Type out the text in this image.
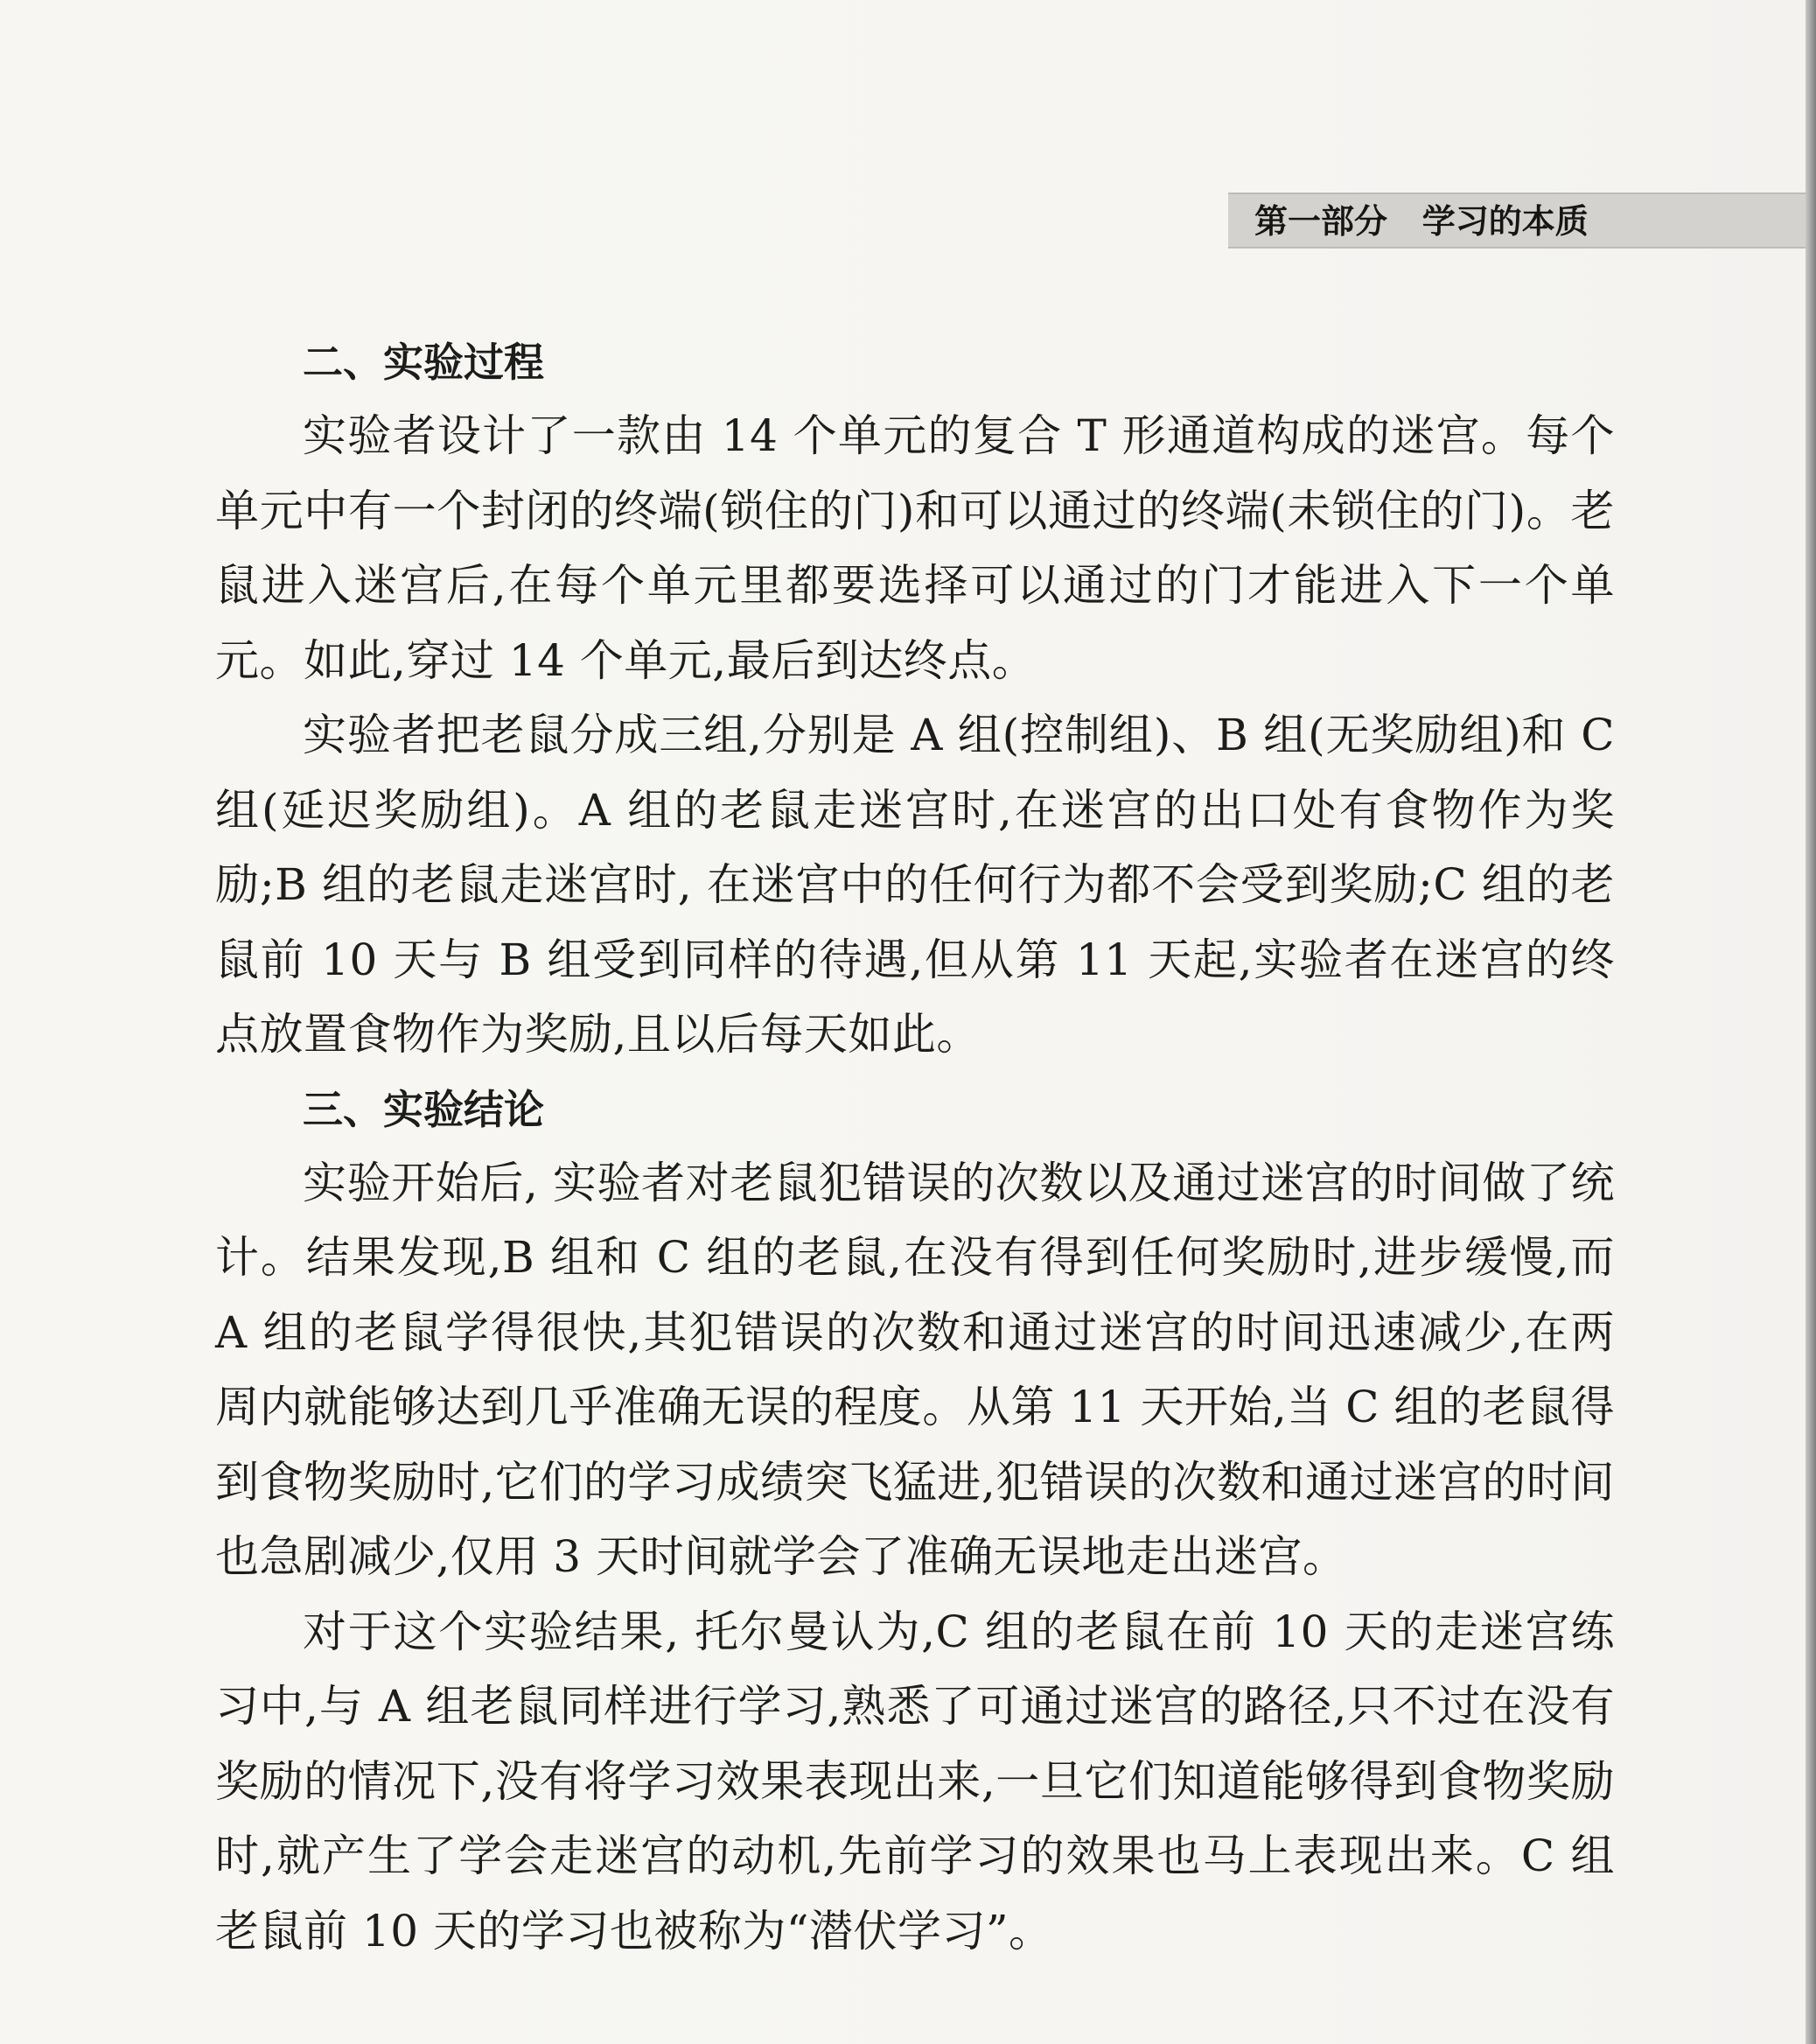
第一部分 学习的本质
二、实验过程

实验者设计了一款由 14 个单元的复合 T 形通道构成的迷宫。每个单元中有一个封闭的终端(锁住的门)和可以通过的终端(未锁住的门)。老鼠进入迷宫后,在每个单元里都要选择可以通过的门才能进入下一个单元。如此,穿过 14 个单元,最后到达终点。

实验者把老鼠分成三组,分别是 A 组(控制组)、B 组(无奖励组)和 C 组(延迟奖励组)。A 组的老鼠走迷宫时,在迷宫的出口处有食物作为奖励;B 组的老鼠走迷宫时, 在迷宫中的任何行为都不会受到奖励;C 组的老鼠前 10 天与 B 组受到同样的待遇,但从第 11 天起,实验者在迷宫的终点放置食物作为奖励,且以后每天如此。

三、实验结论

实验开始后, 实验者对老鼠犯错误的次数以及通过迷宫的时间做了统计。结果发现,B 组和 C 组的老鼠,在没有得到任何奖励时,进步缓慢,而 A 组的老鼠学得很快,其犯错误的次数和通过迷宫的时间迅速减少,在两周内就能够达到几乎准确无误的程度。从第 11 天开始,当 C 组的老鼠得到食物奖励时,它们的学习成绩突飞猛进,犯错误的次数和通过迷宫的时间也急剧减少,仅用 3 天时间就学会了准确无误地走出迷宫。

对于这个实验结果, 托尔曼认为,C 组的老鼠在前 10 天的走迷宫练习中,与 A 组老鼠同样进行学习,熟悉了可通过迷宫的路径,只不过在没有奖励的情况下,没有将学习效果表现出来,一旦它们知道能够得到食物奖励时,就产生了学会走迷宫的动机,先前学习的效果也马上表现出来。C 组老鼠前 10 天的学习也被称为“潜伏学习”。
